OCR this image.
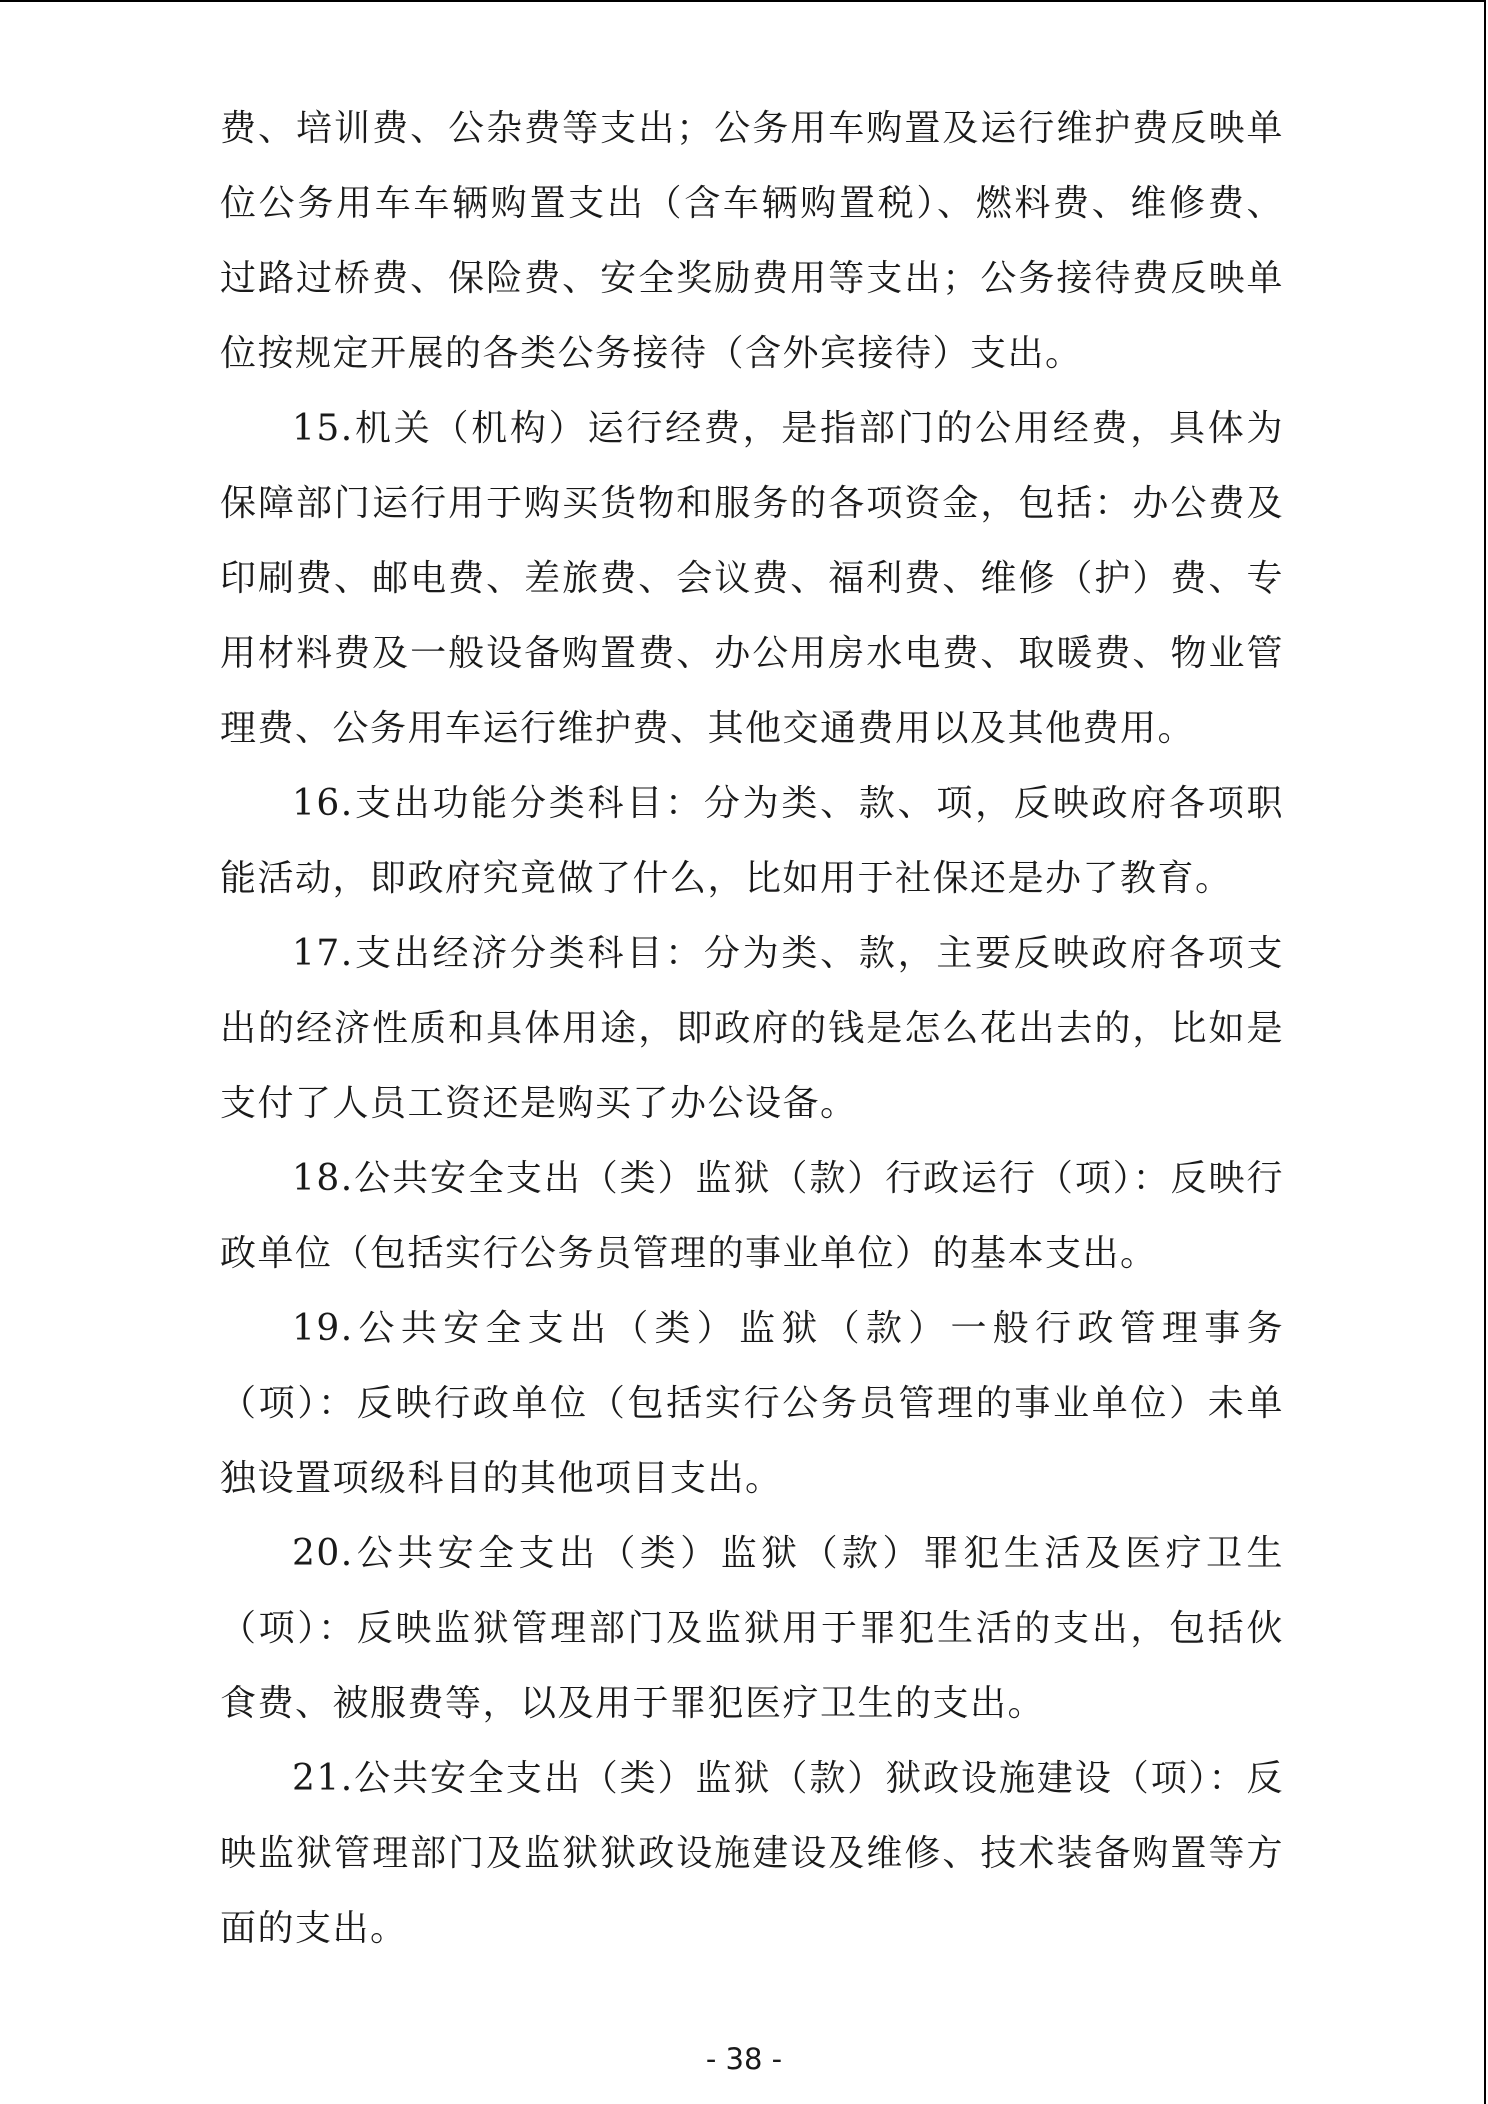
费、培训费、公杂费等支出；公务用车购置及运行维护费反映单位公务用车车辆购置支出（含车辆购置税）、燃料费、维修费、过路过桥费、保险费、安全奖励费用等支出；公务接待费反映单位按规定开展的各类公务接待（含外宾接待）支出。

15.机关（机构）运行经费，是指部门的公用经费，具体为保障部门运行用于购买货物和服务的各项资金，包括：办公费及印刷费、邮电费、差旅费、会议费、福利费、维修（护）费、专用材料费及一般设备购置费、办公用房水电费、取暖费、物业管理费、公务用车运行维护费、其他交通费用以及其他费用。

16.支出功能分类科目：分为类、款、项，反映政府各项职能活动，即政府究竟做了什么，比如用于社保还是办了教育。

17.支出经济分类科目：分为类、款，主要反映政府各项支出的经济性质和具体用途，即政府的钱是怎么花出去的，比如是支付了人员工资还是购买了办公设备。

18.公共安全支出（类）监狱（款）行政运行（项）：反映行政单位（包括实行公务员管理的事业单位）的基本支出。

19.公共安全支出（类）监狱（款）一般行政管理事务（项）：反映行政单位（包括实行公务员管理的事业单位）未单独设置项级科目的其他项目支出。

20.公共安全支出（类）监狱（款）罪犯生活及医疗卫生（项）：反映监狱管理部门及监狱用于罪犯生活的支出，包括伙食费、被服费等，以及用于罪犯医疗卫生的支出。

21.公共安全支出（类）监狱（款）狱政设施建设（项）：反映监狱管理部门及监狱狱政设施建设及维修、技术装备购置等方面的支出。

- 38 -
